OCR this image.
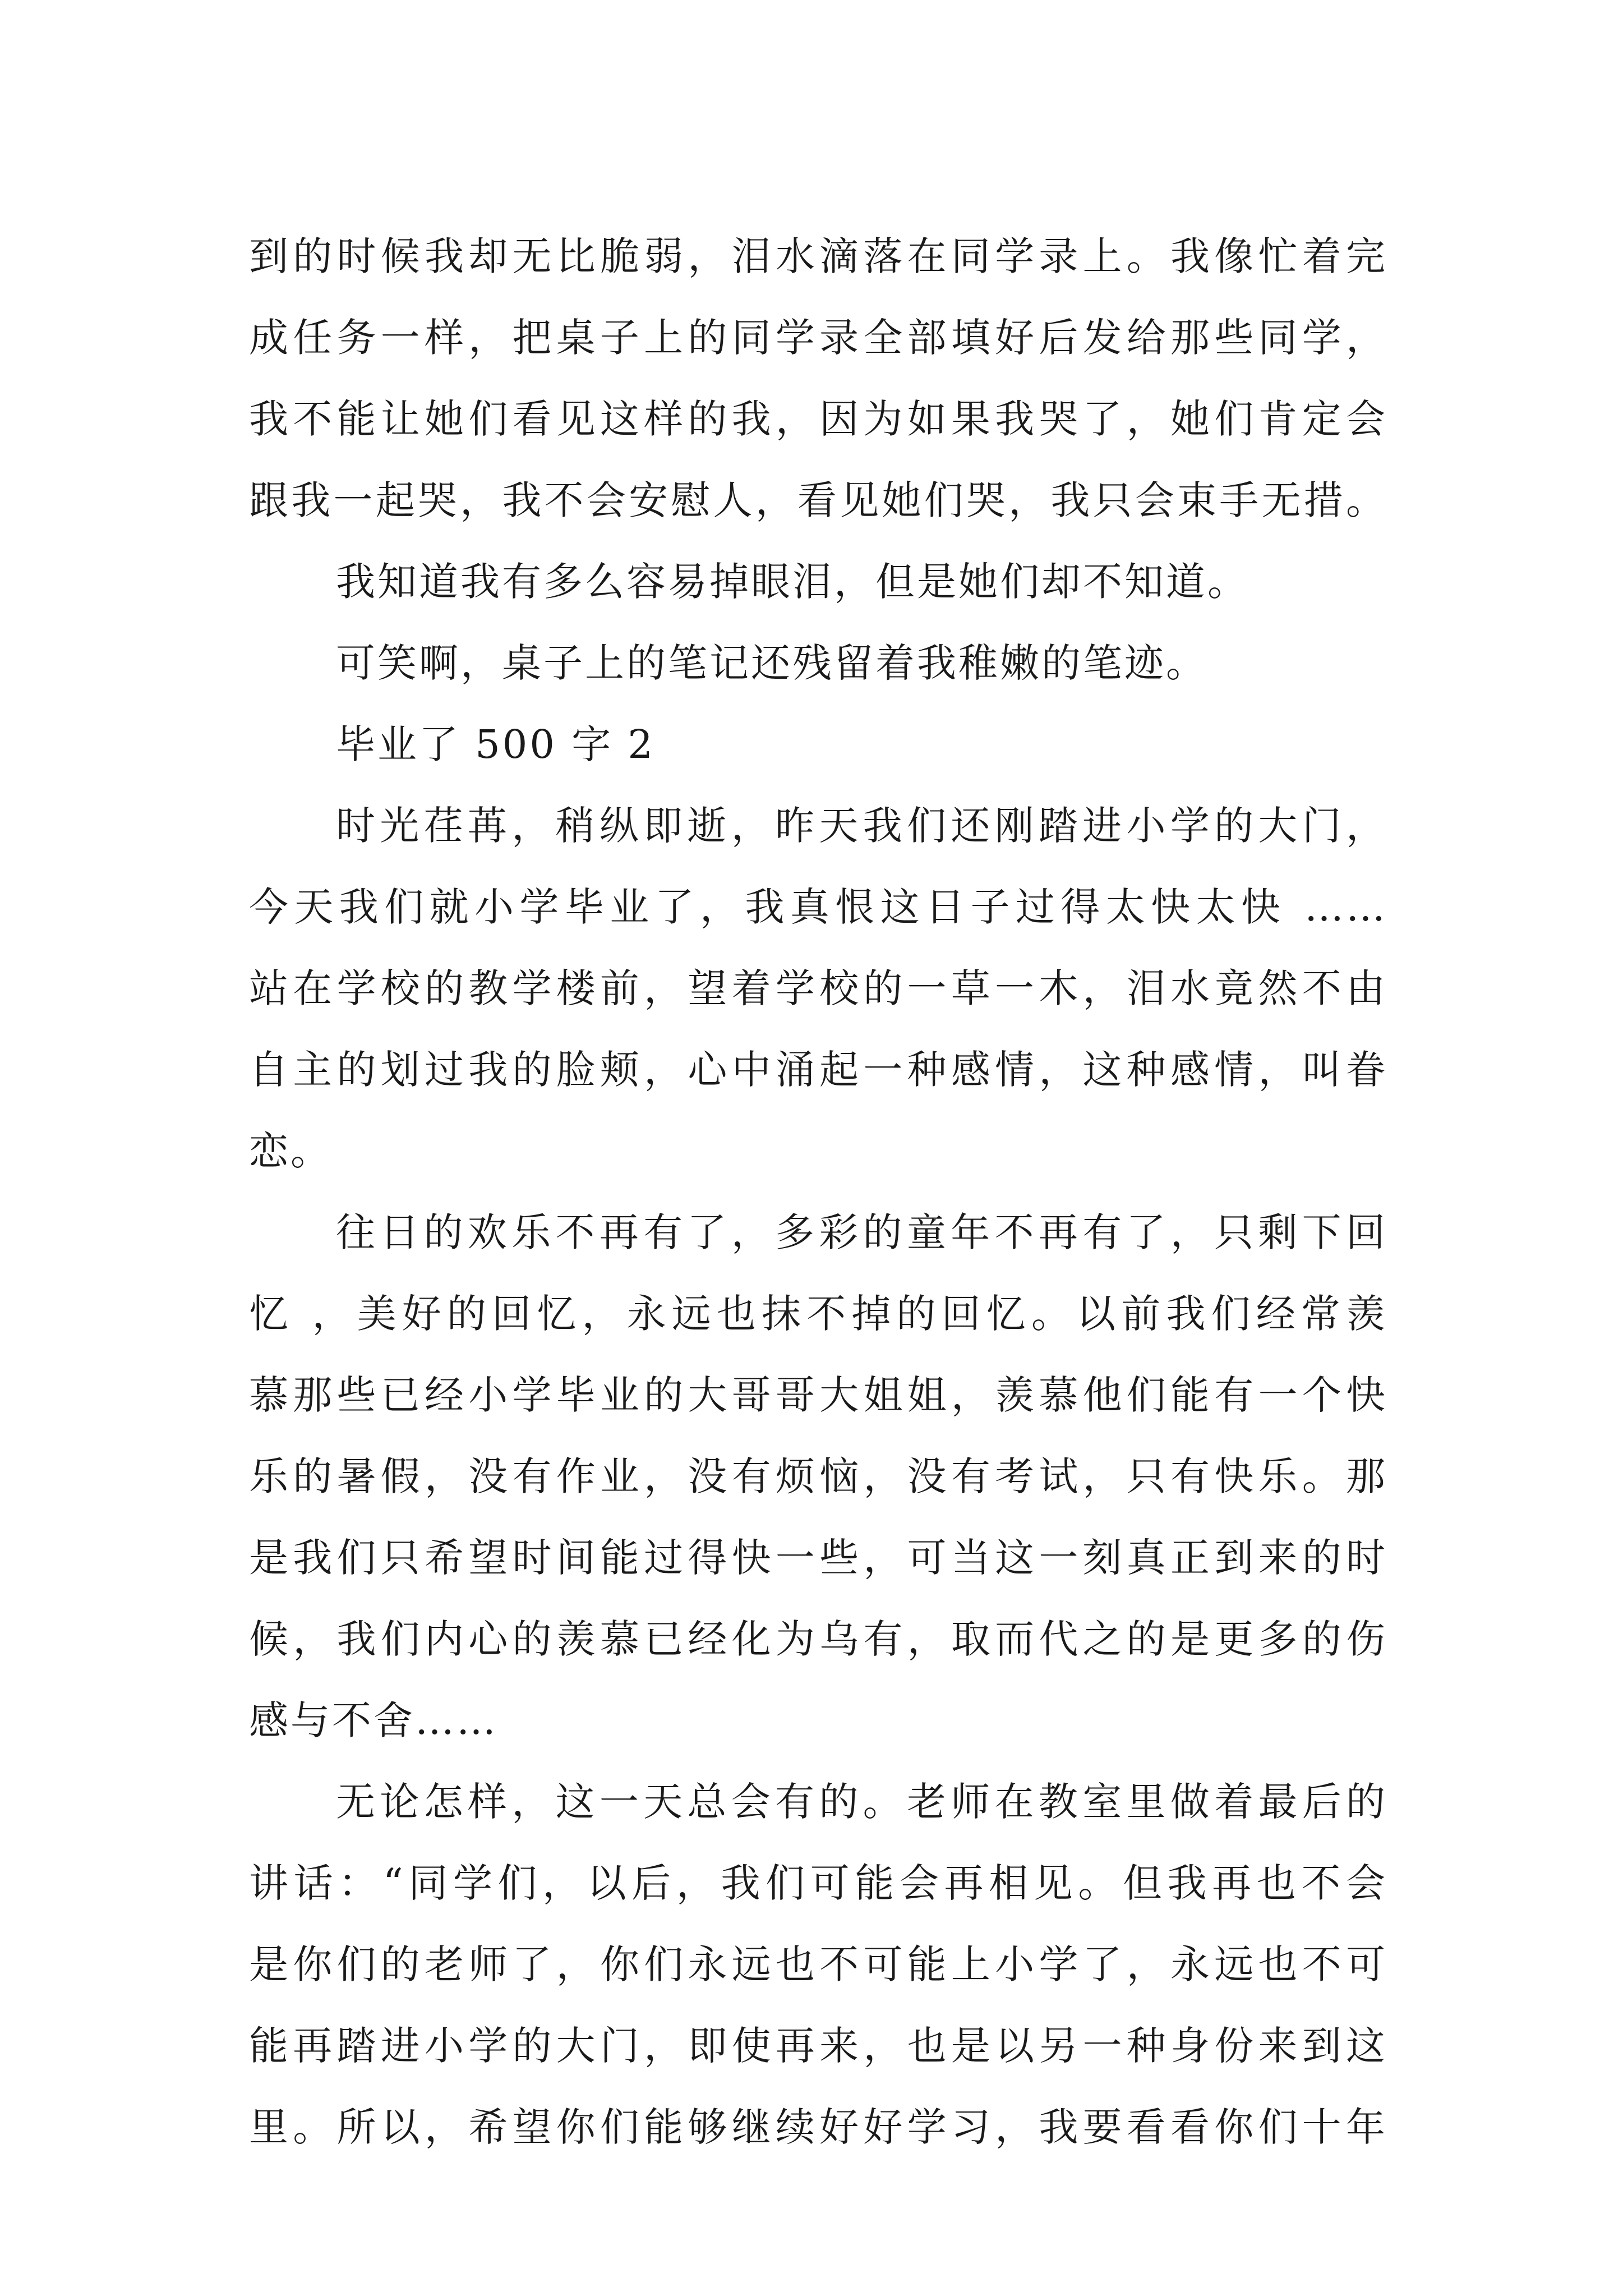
到的时候我却无比脆弱，泪水滴落在同学录上。我像忙着完
成任务一样，把桌子上的同学录全部填好后发给那些同学，
我不能让她们看见这样的我，因为如果我哭了，她们肯定会
跟我一起哭，我不会安慰人，看见她们哭，我只会束手无措。
我知道我有多么容易掉眼泪，但是她们却不知道。
可笑啊，桌子上的笔记还残留着我稚嫩的笔迹。
毕业了 500 字 2
时光荏苒，稍纵即逝，昨天我们还刚踏进小学的大门，
今天我们就小学毕业了，我真恨这日子过得太快太快 ……
站在学校的教学楼前，望着学校的一草一木，泪水竟然不由
自主的划过我的脸颊，心中涌起一种感情，这种感情，叫眷
恋。
往日的欢乐不再有了，多彩的童年不再有了，只剩下回
忆 ，美好的回忆，永远也抹不掉的回忆。以前我们经常羡
慕那些已经小学毕业的大哥哥大姐姐，羡慕他们能有一个快
乐的暑假，没有作业，没有烦恼，没有考试，只有快乐。那
是我们只希望时间能过得快一些，可当这一刻真正到来的时
候，我们内心的羡慕已经化为乌有，取而代之的是更多的伤
感与不舍……
无论怎样，这一天总会有的。老师在教室里做着最后的
讲话：“同学们，以后，我们可能会再相见。但我再也不会
是你们的老师了，你们永远也不可能上小学了，永远也不可
能再踏进小学的大门，即使再来，也是以另一种身份来到这
里。所以，希望你们能够继续好好学习，我要看看你们十年
